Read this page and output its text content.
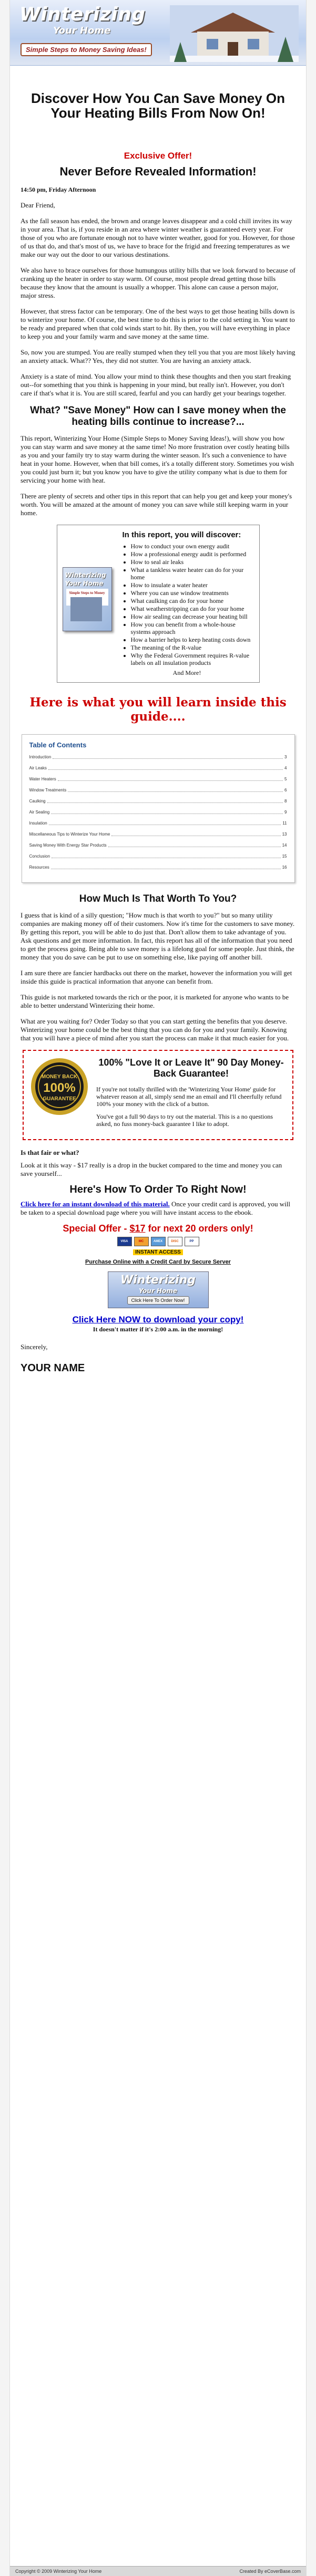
Winterizing
Your Home
Simple Steps to Money Saving Ideas!
Discover How You Can Save Money On Your Heating Bills From Now On!
Exclusive Offer!
Never Before Revealed Information!
14:50 pm, Friday Afternoon

Dear Friend,

As the fall season has ended, the brown and orange leaves disappear and a cold chill invites its way in your area. That is, if you reside in an area where winter weather is guaranteed every year. For those of you who are fortunate enough not to have winter weather, good for you. However, for those of us that do, and that's most of us, we have to brace for the frigid and freezing temperatures as we make our way out the door to our various destinations.

We also have to brace ourselves for those humungous utility bills that we look forward to because of cranking up the heater in order to stay warm. Of course, most people dread getting those bills because they know that the amount is usually a whopper. This alone can cause a person major, major stress.

However, that stress factor can be temporary. One of the best ways to get those heating bills down is to winterize your home. Of course, the best time to do this is prior to the cold setting in. You want to be ready and prepared when that cold winds start to hit. By then, you will have everything in place to keep you and your family warm and save money at the same time.

So, now you are stumped. You are really stumped when they tell you that you are most likely having an anxiety attack. What?? Yes, they did not stutter. You are having an anxiety attack.

Anxiety is a state of mind. You allow your mind to think these thoughts and then you start freaking out--for something that you think is happening in your mind, but really isn't. However, you don't care if that's what it is. You are still scared, fearful and you can hardly get your bearings together.

What? "Save Money" How can I save money when the heating bills continue to increase?...

This report, Winterizing Your Home (Simple Steps to Money Saving Ideas!), will show you how you can stay warm and save money at the same time! No more frustration over costly heating bills as you and your family try to stay warm during the winter season. It's such a convenience to have heat in your home. However, when that bill comes, it's a totally different story. Sometimes you wish you could just burn it; but you know you have to give the utility company what is due to them for servicing your home with heat.

There are plenty of secrets and other tips in this report that can help you get and keep your money's worth. You will be amazed at the amount of money you can save while still keeping warm in your home.

Winterizing Your Home
Simple Steps to Money
In this report, you will discover:
• How to conduct your own energy audit
• How a professional energy audit is performed
• How to seal air leaks
• What a tankless water heater can do for your home
• How to insulate a water heater
• Where you can use window treatments
• What caulking can do for your home
• What weatherstripping can do for your home
• How air sealing can decrease your heating bill
• How you can benefit from a whole-house systems approach
• How a barrier helps to keep heating costs down
• The meaning of the R-value
• Why the Federal Government requires R-value labels on all insulation products
And More!
Here is what you will learn inside this guide....
Table of Contents
Introduction	3
Air Leaks	4
Water Heaters	5
Window Treatments	6
Caulking	8
Air Sealing	9
Insulation	11
Miscellaneous Tips to Winterize Your Home	13
Saving Money With Energy Star Products	14
Conclusion	15
Resources	16
How Much Is That Worth To You?

I guess that is kind of a silly question; "How much is that worth to you?" but so many utility companies are making money off of their customers. Now it's time for the customers to save money. By getting this report, you will be able to do just that. Don't allow them to take advantage of you. Ask questions and get more information. In fact, this report has all of the information that you need to get the process going. Being able to save money is a lifelong goal for some people. Just think, the money that you do save can be put to use on something else, like paying off another bill.

I am sure there are fancier hardbacks out there on the market, however the information you will get inside this guide is practical information that anyone can benefit from.

This guide is not marketed towards the rich or the poor, it is marketed for anyone who wants to be able to better understand Winterizing their home.

What are you waiting for? Order Today so that you can start getting the benefits that you deserve. Winterizing your home could be the best thing that you can do for you and your family. Knowing that you will have a piece of mind after you start the process can make it that much easier for you.

MONEY BACK
100%
GUARANTEE
100% "Love It or Leave It" 90 Day Money-Back Guarantee!

If you're not totally thrilled with the 'Winterizing Your Home' guide for whatever reason at all, simply send me an email and I'll cheerfully refund 100% your money with the click of a button.

You've got a full 90 days to try out the material. This is a no questions asked, no fuss money-back guarantee I like to adopt.

Is that fair or what?

Look at it this way - $17 really is a drop in the bucket compared to the time and money you can save yourself...

Here's How To Order To Right Now!

Click here for an instant download of this material. Once your credit card is approved, you will be taken to a special download page where you will have instant access to the ebook.

Special Offer - $17 for next 20 orders only!
VISA	MC	AMEX	DISC	PP
INSTANT ACCESS
Purchase Online with a Credit Card by Secure Server
Winterizing
Your Home
Click Here To Order Now!
Click Here NOW to download your copy!
It doesn't matter if it's 2:00 a.m. in the morning!

Sincerely,

YOUR NAME
Copyright © 2009 Winterizing Your Home	Created By eCoverBase.com
